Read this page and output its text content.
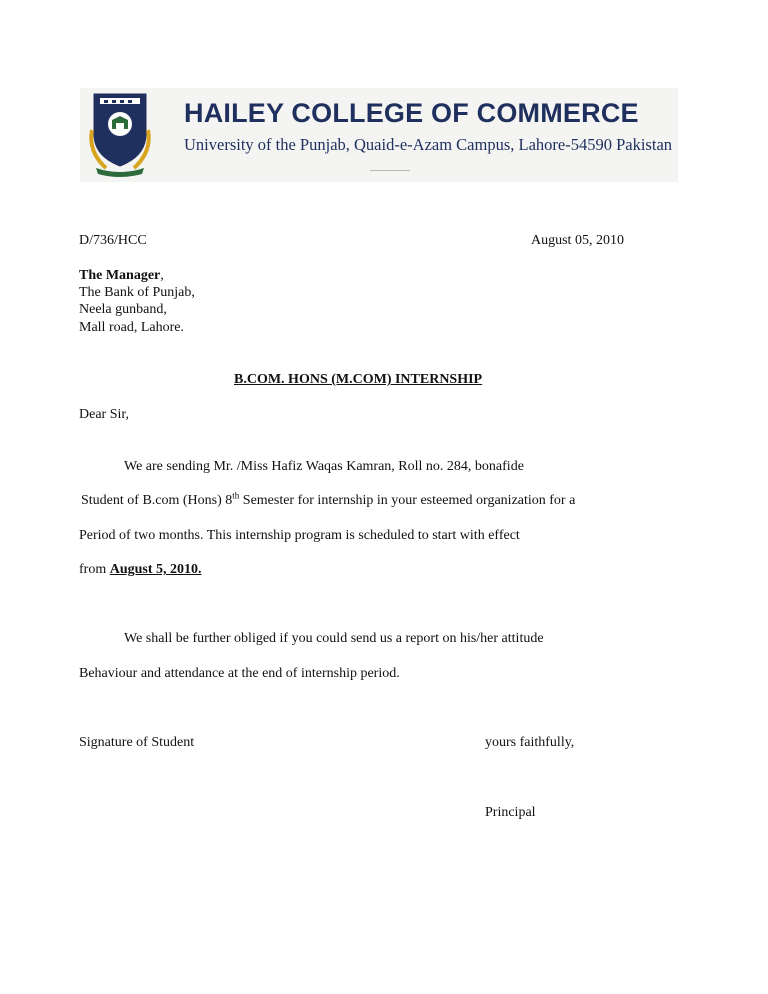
HAILEY COLLEGE OF COMMERCE
University of the Punjab, Quaid-e-Azam Campus, Lahore-54590 Pakistan
D/736/HCC	August 05, 2010
The Manager,
The Bank of Punjab,
Neela gunband,
Mall road, Lahore.
B.COM. HONS (M.COM) INTERNSHIP
Dear Sir,
We are sending Mr. /Miss Hafiz Waqas Kamran, Roll no. 284, bonafide
Student of B.com (Hons) 8th Semester for internship in your esteemed organization for a
Period of two months. This internship program is scheduled to start with effect
from August 5, 2010.
We shall be further obliged if you could send us a report on his/her attitude
Behaviour and attendance at the end of internship period.
Signature of Student	yours faithfully,
Principal
